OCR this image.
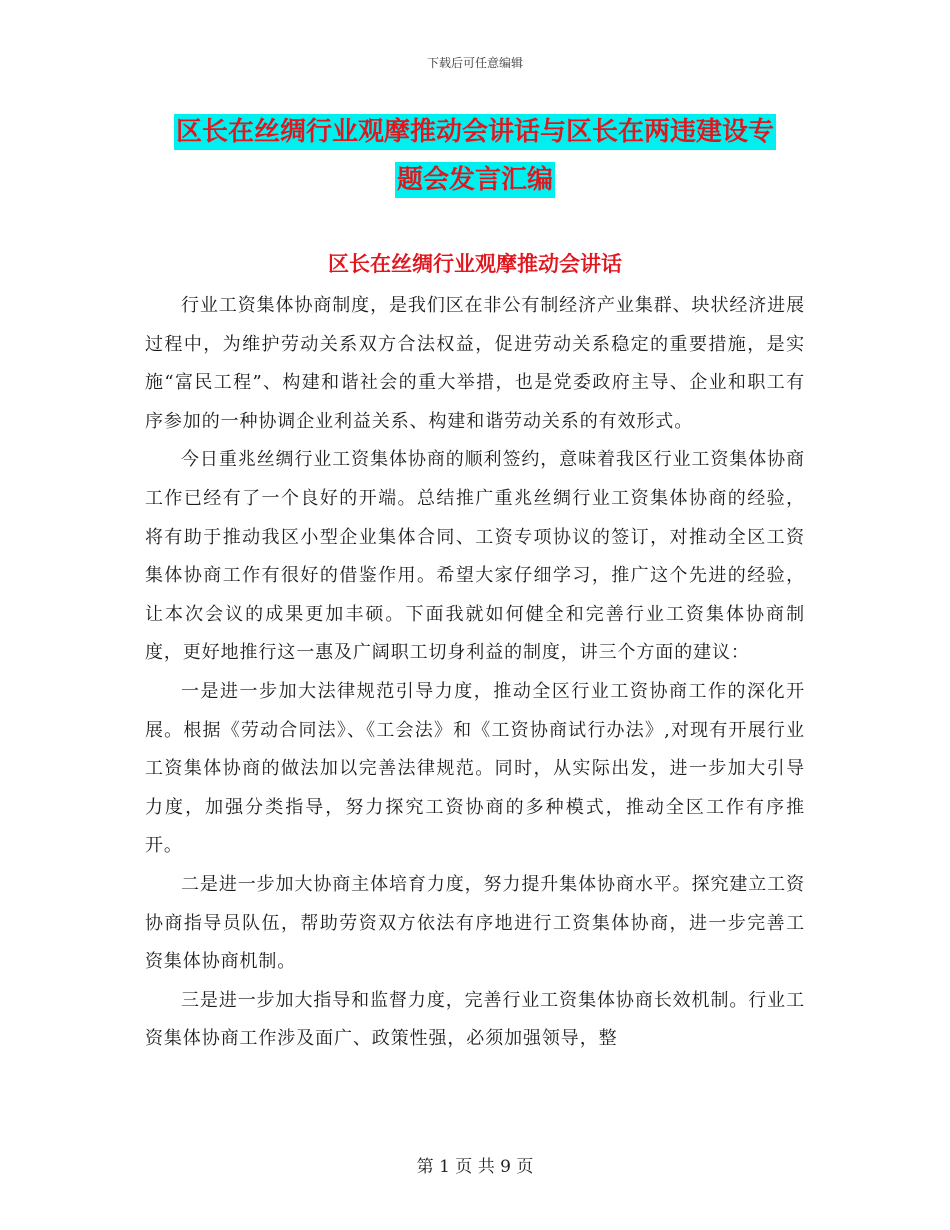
下载后可任意编辑
区长在丝绸行业观摩推动会讲话与区长在两违建设专
题会发言汇编
区长在丝绸行业观摩推动会讲话

行业工资集体协商制度，是我们区在非公有制经济产业集群、块状经济进展过程中，为维护劳动关系双方合法权益，促进劳动关系稳定的重要措施，是实施“富民工程”、构建和谐社会的重大举措，也是党委政府主导、企业和职工有序参加的一种协调企业利益关系、构建和谐劳动关系的有效形式。

今日重兆丝绸行业工资集体协商的顺利签约，意味着我区行业工资集体协商工作已经有了一个良好的开端。总结推广重兆丝绸行业工资集体协商的经验，将有助于推动我区小型企业集体合同、工资专项协议的签订，对推动全区工资集体协商工作有很好的借鉴作用。希望大家仔细学习，推广这个先进的经验，让本次会议的成果更加丰硕。下面我就如何健全和完善行业工资集体协商制度，更好地推行这一惠及广阔职工切身利益的制度，讲三个方面的建议：

一是进一步加大法律规范引导力度，推动全区行业工资协商工作的深化开展。根据《劳动合同法》、《工会法》和《工资协商试行办法》,对现有开展行业工资集体协商的做法加以完善法律规范。同时，从实际出发，进一步加大引导力度，加强分类指导，努力探究工资协商的多种模式，推动全区工作有序推开。

二是进一步加大协商主体培育力度，努力提升集体协商水平。探究建立工资协商指导员队伍，帮助劳资双方依法有序地进行工资集体协商，进一步完善工资集体协商机制。

三是进一步加大指导和监督力度，完善行业工资集体协商长效机制。行业工资集体协商工作涉及面广、政策性强，必须加强领导，整

第 1 页 共 9 页
